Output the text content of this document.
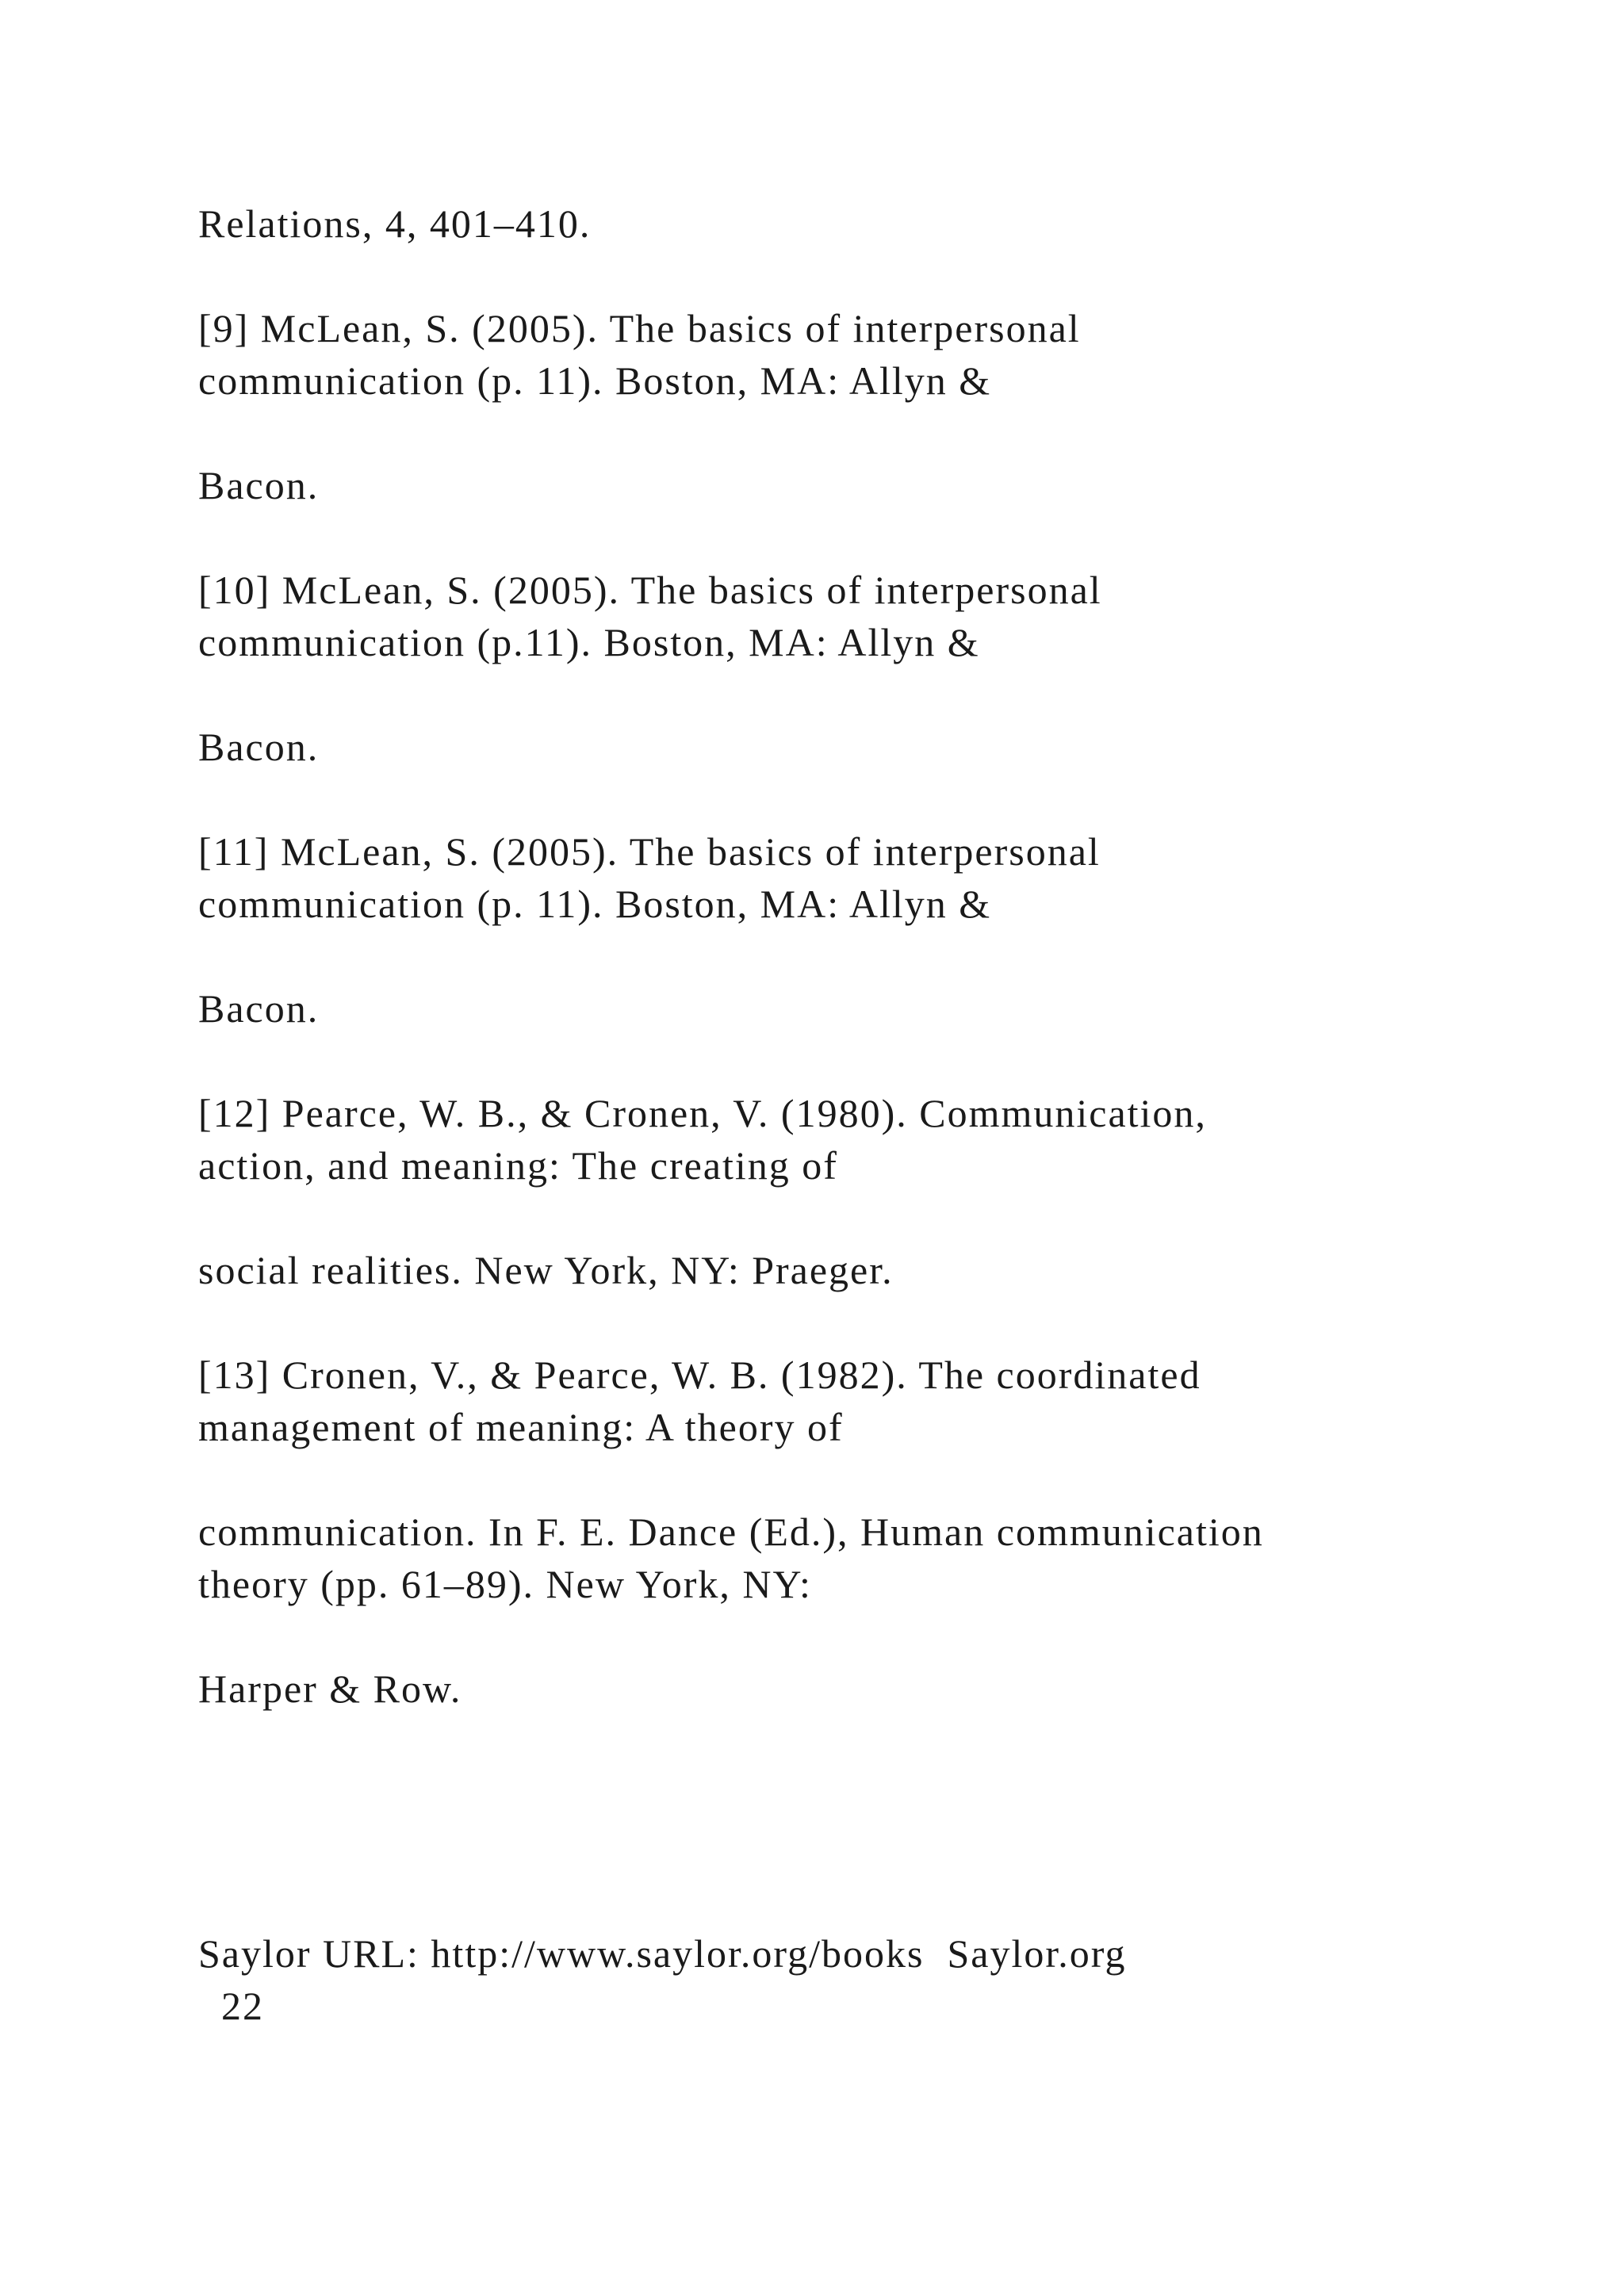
Relations, 4, 401–410.
[9] McLean, S. (2005). The basics of interpersonal
communication (p. 11). Boston, MA: Allyn &
Bacon.
[10] McLean, S. (2005). The basics of interpersonal
communication (p.11). Boston, MA: Allyn &
Bacon.
[11] McLean, S. (2005). The basics of interpersonal
communication (p. 11). Boston, MA: Allyn &
Bacon.
[12] Pearce, W. B., & Cronen, V. (1980). Communication,
action, and meaning: The creating of
social realities. New York, NY: Praeger.
[13] Cronen, V., & Pearce, W. B. (1982). The coordinated
management of meaning: A theory of
communication. In F. E. Dance (Ed.), Human communication
theory (pp. 61–89). New York, NY:
Harper & Row.
Saylor URL: http://www.saylor.org/books  Saylor.org
22
